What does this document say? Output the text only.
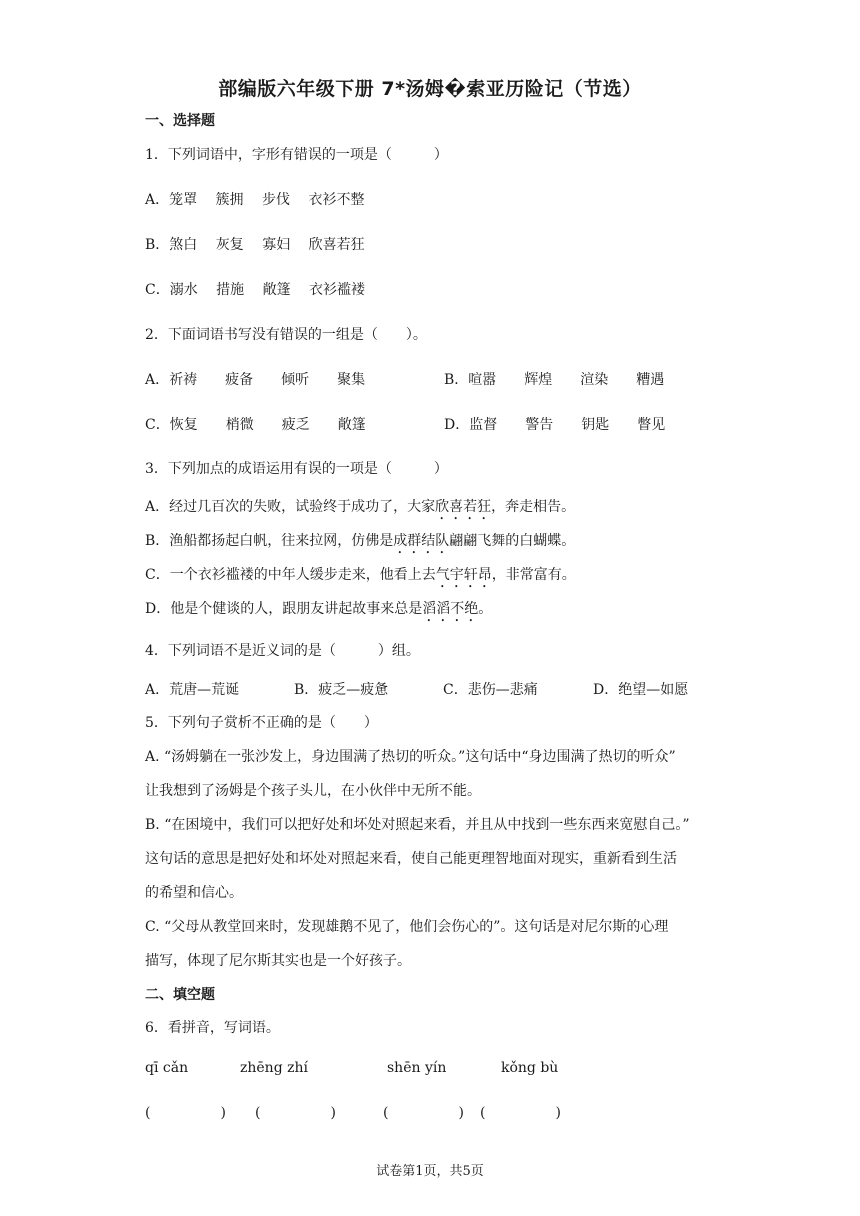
部编版六年级下册 7*汤姆�索亚历险记（节选）
一、选择题
1．下列词语中，字形有错误的一项是（　　　）
A．笼罩　 簇拥　 步伐　 衣衫不整
B．煞白　 灰复　 寡妇　 欣喜若狂
C．溺水　 措施　 敞篷　 衣衫褴褛
2．下面词语书写没有错误的一组是（　　）。
A．祈祷　　疲备　　倾听　　聚集	B．喧嚣　　辉煌　　渲染　　糟遇
C．恢复　　梢微　　疲乏　　敞篷	D．监督　　警告　　钥匙　　瞥见
3．下列加点的成语运用有误的一项是（　　　）
A．经过几百次的失败，试验终于成功了，大家欣喜若狂，奔走相告。
B．渔船都扬起白帆，往来拉网，仿佛是成群结队翩翩飞舞的白蝴蝶。
C．一个衣衫褴褛的中年人缓步走来，他看上去气宇轩昂，非常富有。
D．他是个健谈的人，跟朋友讲起故事来总是滔滔不绝。
4．下列词语不是近义词的是（　　　）组。
A．荒唐—荒诞	B．疲乏—疲惫	C．悲伤—悲痛	D．绝望—如愿
5．下列句子赏析不正确的是（　　）
A. “汤姆躺在一张沙发上，身边围满了热切的听众。”这句话中“身边围满了热切的听众”
让我想到了汤姆是个孩子头儿，在小伙伴中无所不能。
B. “在困境中，我们可以把好处和坏处对照起来看，并且从中找到一些东西来宽慰自己。”
这句话的意思是把好处和坏处对照起来看，使自己能更理智地面对现实，重新看到生活
的希望和信心。
C. “父母从教堂回来时，发现雄鹅不见了，他们会伤心的”。这句话是对尼尔斯的心理
描写，体现了尼尔斯其实也是一个好孩子。
二、填空题
6．看拼音，写词语。
qī cǎn	zhēng zhí	shēn yín	kǒng bù
(　　　　　) (　　　　　)	(　　　　　) (　　　　　)
试卷第1页，共5页
